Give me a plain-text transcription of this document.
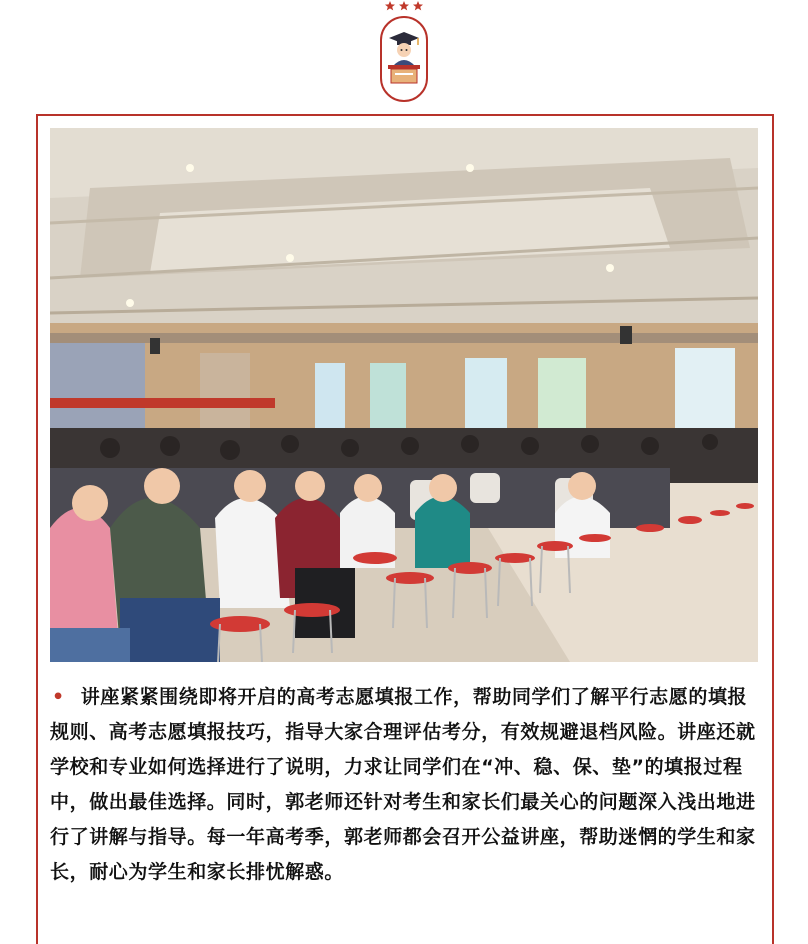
• 讲座紧紧围绕即将开启的高考志愿填报工作，帮助同学们了解平行志愿的填报规则、高考志愿填报技巧，指导大家合理评估考分，有效规避退档风险。讲座还就学校和专业如何选择进行了说明，力求让同学们在“冲、稳、保、垫”的填报过程中，做出最佳选择。同时，郭老师还针对考生和家长们最关心的问题深入浅出地进行了讲解与指导。每一年高考季，郭老师都会召开公益讲座，帮助迷惘的学生和家长，耐心为学生和家长排忧解惑。
